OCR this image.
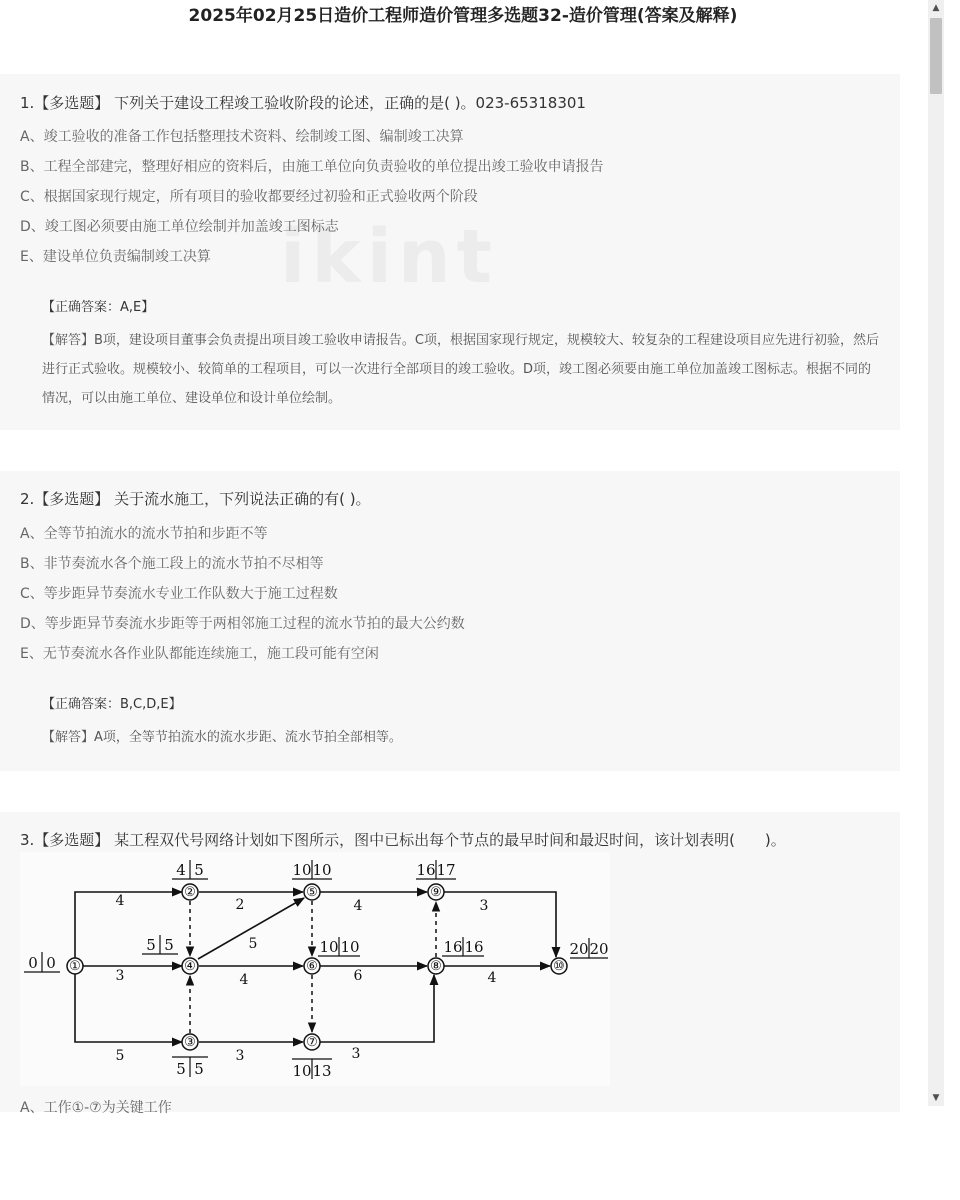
2025年02月25日造价工程师造价管理多选题32-造价管理(答案及解释)
ikint
1.【多选题】 下列关于建设工程竣工验收阶段的论述，正确的是( )。023-65318301
A、竣工验收的准备工作包括整理技术资料、绘制竣工图、编制竣工决算
B、工程全部建完，整理好相应的资料后，由施工单位向负责验收的单位提出竣工验收申请报告
C、根据国家现行规定，所有项目的验收都要经过初验和正式验收两个阶段
D、竣工图必须要由施工单位绘制并加盖竣工图标志
E、建设单位负责编制竣工决算
【正确答案：A,E】
【解答】B项，建设项目董事会负责提出项目竣工验收申请报告。C项，根据国家现行规定，规模较大、较复杂的工程建设项目应先进行初验，然后进行正式验收。规模较小、较简单的工程项目，可以一次进行全部项目的竣工验收。D项，竣工图必须要由施工单位加盖竣工图标志。根据不同的情况，可以由施工单位、建设单位和设计单位绘制。
2.【多选题】 关于流水施工，下列说法正确的有( )。
A、全等节拍流水的流水节拍和步距不等
B、非节奏流水各个施工段上的流水节拍不尽相等
C、等步距异节奏流水专业工作队数大于施工过程数
D、等步距异节奏流水步距等于两相邻施工过程的流水节拍的最大公约数
E、无节奏流水各作业队都能连续施工，施工段可能有空闲
【正确答案：B,C,D,E】
【解答】A项，全等节拍流水的流水步距、流水节拍全部相等。
3.【多选题】 某工程双代号网络计划如下图所示，图中已标出每个节点的最早时间和最迟时间，该计划表明(　　)。
A、工作①-⑦为关键工作
①
②
③
④
⑤
⑥
⑦
⑧
⑨
⑩
0 0
4 5
5 5
5 5
10 10
10 10
10 13
16 16
16 17
20 20
4
3
5
2
5
4
3
4
6
3
3
4
▲
▼
